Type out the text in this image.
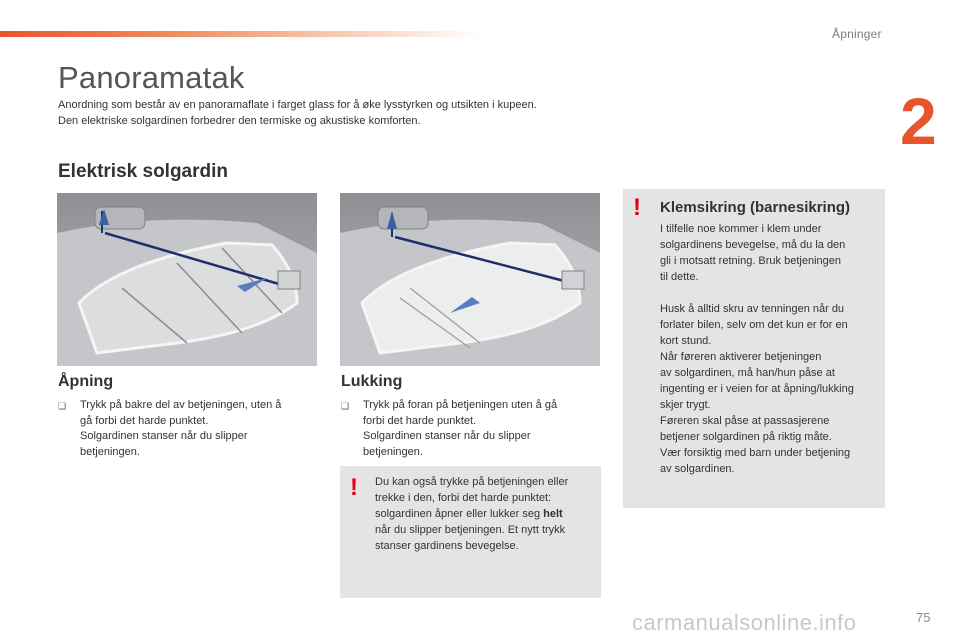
Åpninger
2
Panoramatak

Anordning som består av en panoramaflate i farget glass for å øke lysstyrken og utsikten i kupeen.

Den elektriske solgardinen forbedrer den termiske og akustiske komforten.

Elektrisk solgardin
Åpning
❑ Trykk på bakre del av betjeningen, uten å
gå forbi det harde punktet.
Solgardinen stanser når du slipper
betjeningen.
Lukking
❑ Trykk på foran på betjeningen uten å gå
forbi det harde punktet.
Solgardinen stanser når du slipper
betjeningen.
! Du kan også trykke på betjeningen eller
trekke i den, forbi det harde punktet:
solgardinen åpner eller lukker seg helt
når du slipper betjeningen. Et nytt trykk
stanser gardinens bevegelse.
! Klemsikring (barnesikring)
I tilfelle noe kommer i klem under
solgardinens bevegelse, må du la den
gli i motsatt retning. Bruk betjeningen
til dette.
Husk å alltid skru av tenningen når du
forlater bilen, selv om det kun er for en
kort stund.
Når føreren aktiverer betjeningen
av solgardinen, må han/hun påse at
ingenting er i veien for at åpning/lukking
skjer trygt.
Føreren skal påse at passasjerene
betjener solgardinen på riktig måte.
Vær forsiktig med barn under betjening
av solgardinen.
carmanualsonline.info	75
